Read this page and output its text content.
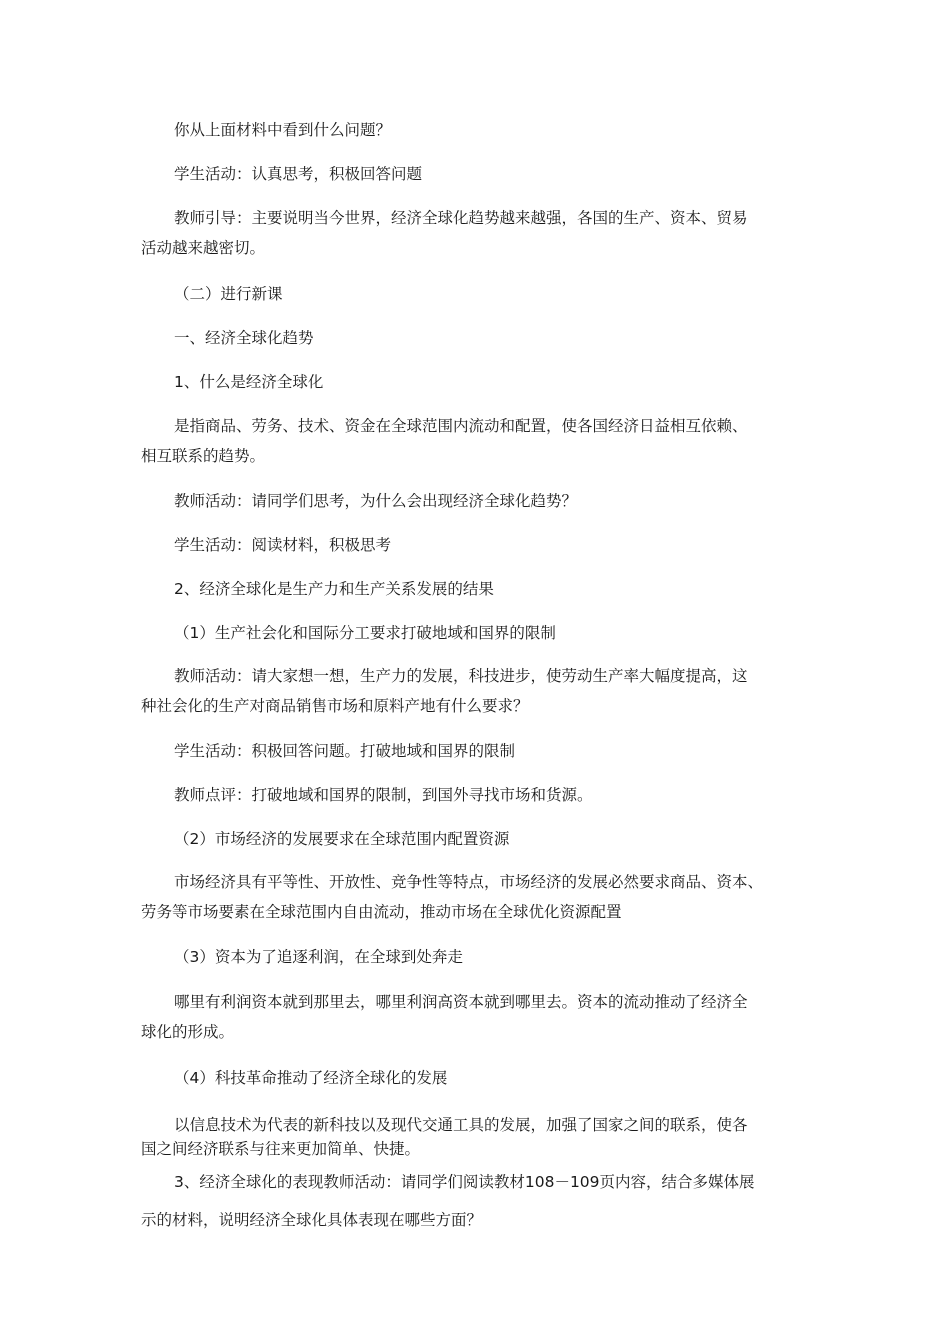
你从上面材料中看到什么问题？
学生活动：认真思考，积极回答问题
教师引导：主要说明当今世界，经济全球化趋势越来越强，各国的生产、资本、贸易
活动越来越密切。
（二）进行新课
一、经济全球化趋势
1、什么是经济全球化
是指商品、劳务、技术、资金在全球范围内流动和配置，使各国经济日益相互依赖、
相互联系的趋势。
教师活动：请同学们思考，为什么会出现经济全球化趋势？
学生活动：阅读材料，积极思考
2、经济全球化是生产力和生产关系发展的结果
（1）生产社会化和国际分工要求打破地域和国界的限制
教师活动：请大家想一想，生产力的发展，科技进步，使劳动生产率大幅度提高，这
种社会化的生产对商品销售市场和原料产地有什么要求？
学生活动：积极回答问题。打破地域和国界的限制
教师点评：打破地域和国界的限制，到国外寻找市场和货源。
（2）市场经济的发展要求在全球范围内配置资源
市场经济具有平等性、开放性、竞争性等特点，市场经济的发展必然要求商品、资本、
劳务等市场要素在全球范围内自由流动，推动市场在全球优化资源配置
（3）资本为了追逐利润，在全球到处奔走
哪里有利润资本就到那里去，哪里利润高资本就到哪里去。资本的流动推动了经济全
球化的形成。
（4）科技革命推动了经济全球化的发展
以信息技术为代表的新科技以及现代交通工具的发展，加强了国家之间的联系，使各
国之间经济联系与往来更加简单、快捷。
3、经济全球化的表现教师活动：请同学们阅读教材108－109页内容，结合多媒体展
示的材料，说明经济全球化具体表现在哪些方面？
